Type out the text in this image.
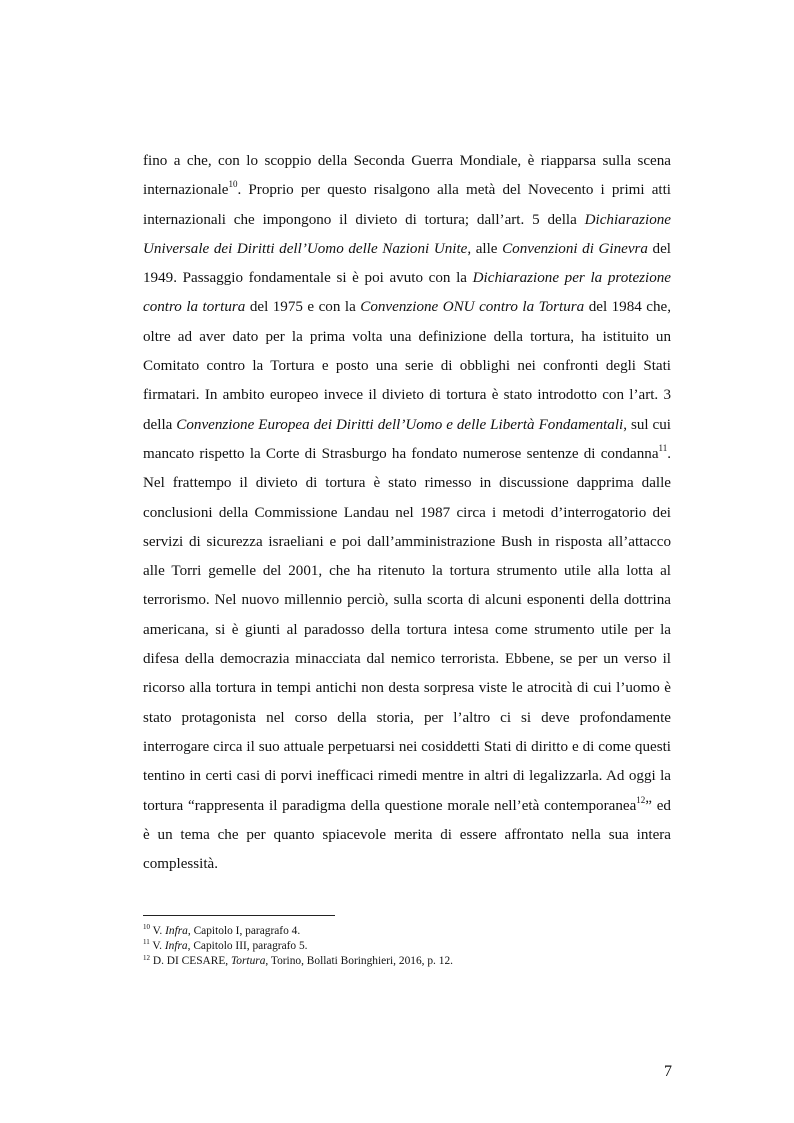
fino a che, con lo scoppio della Seconda Guerra Mondiale, è riapparsa sulla scena internazionale$^{10}$. Proprio per questo risalgono alla metà del Novecento i primi atti internazionali che impongono il divieto di tortura; dall’art. 5 della Dichiarazione Universale dei Diritti dell’Uomo delle Nazioni Unite, alle Convenzioni di Ginevra del 1949. Passaggio fondamentale si è poi avuto con la Dichiarazione per la protezione contro la tortura del 1975 e con la Convenzione ONU contro la Tortura del 1984 che, oltre ad aver dato per la prima volta una definizione della tortura, ha istituito un Comitato contro la Tortura e posto una serie di obblighi nei confronti degli Stati firmatari. In ambito europeo invece il divieto di tortura è stato introdotto con l’art. 3 della Convenzione Europea dei Diritti dell’Uomo e delle Libertà Fondamentali, sul cui mancato rispetto la Corte di Strasburgo ha fondato numerose sentenze di condanna$^{11}$. Nel frattempo il divieto di tortura è stato rimesso in discussione dapprima dalle conclusioni della Commissione Landau nel 1987 circa i metodi d’interrogatorio dei servizi di sicurezza israeliani e poi dall’amministrazione Bush in risposta all’attacco alle Torri gemelle del 2001, che ha ritenuto la tortura strumento utile alla lotta al terrorismo. Nel nuovo millennio perciò, sulla scorta di alcuni esponenti della dottrina americana, si è giunti al paradosso della tortura intesa come strumento utile per la difesa della democrazia minacciata dal nemico terrorista. Ebbene, se per un verso il ricorso alla tortura in tempi antichi non desta sorpresa viste le atrocità di cui l’uomo è stato protagonista nel corso della storia, per l’altro ci si deve profondamente interrogare circa il suo attuale perpetuarsi nei cosiddetti Stati di diritto e di come questi tentino in certi casi di porvi inefficaci rimedi mentre in altri di legalizzarla. Ad oggi la tortura “rappresenta il paradigma della questione morale nell’età contemporanea$^{12}$” ed è un tema che per quanto spiacevole merita di essere affrontato nella sua intera complessità.

$^{10}$ V. Infra, Capitolo I, paragrafo 4.

$^{11}$ V. Infra, Capitolo III, paragrafo 5.

$^{12}$ D. DI CESARE, Tortura, Torino, Bollati Boringhieri, 2016, p. 12.

7
